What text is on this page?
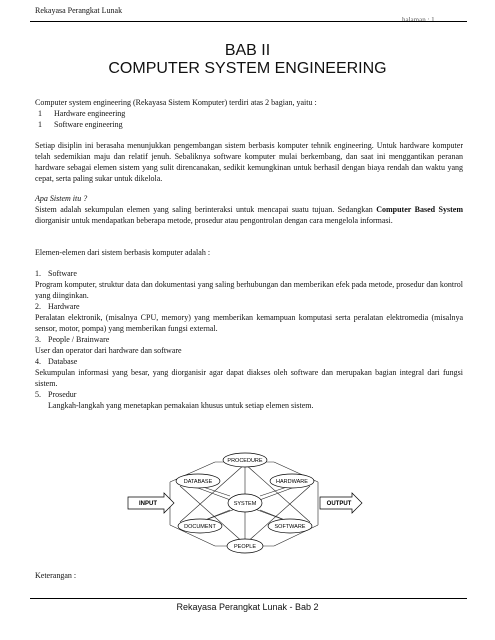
Rekayasa Perangkat Lunak
halaman : 1
BAB II
COMPUTER SYSTEM ENGINEERING
Computer system engineering (Rekayasa Sistem Komputer) terdiri atas 2 bagian, yaitu :
1 Hardware engineering
1 Software engineering
Setiap disiplin ini berasaha menunjukkan pengembangan sistem berbasis komputer tehnik engineering. Untuk hardware komputer telah sedemikian maju dan relatif jenuh. Sebaliknya software komputer mulai berkembang, dan saat ini menggantikan peranan hardware sebagai elemen sistem yang sulit direncanakan, sedikit kemungkinan untuk berhasil dengan biaya rendah dan waktu yang cepat, serta paling sukar untuk dikelola.
Apa Sistem itu ?
Sistem adalah sekumpulan elemen yang saling berinteraksi untuk mencapai suatu tujuan. Sedangkan Computer Based System diorganisir untuk mendapatkan beberapa metode, prosedur atau pengontrolan dengan cara mengelola informasi.
Elemen-elemen dari sistem berbasis komputer adalah :
1. Software
Program komputer, struktur data dan dokumentasi yang saling berhubungan dan memberikan efek pada metode, prosedur dan kontrol yang diinginkan.
2. Hardware
Peralatan elektronik, (misalnya CPU, memory) yang memberikan kemampuan komputasi serta peralatan elektromedia (misalnya sensor, motor, pompa) yang memberikan fungsi external.
3. People / Brainware
User dan operator dari hardware dan software
4. Database
Sekumpulan informasi yang besar, yang diorganisir agar dapat diakses oleh software dan merupakan bagian integral dari fungsi sistem.
5. Prosedur
Langkah-langkah yang menetapkan pemakaian khusus untuk setiap elemen sistem.
PROCEDURE
DATABASE	HARDWARE
SYSTEM
DOCUMENT	SOFTWARE
PEOPLE
INPUT	OUTPUT
Keterangan :
Rekayasa Perangkat Lunak - Bab 2
